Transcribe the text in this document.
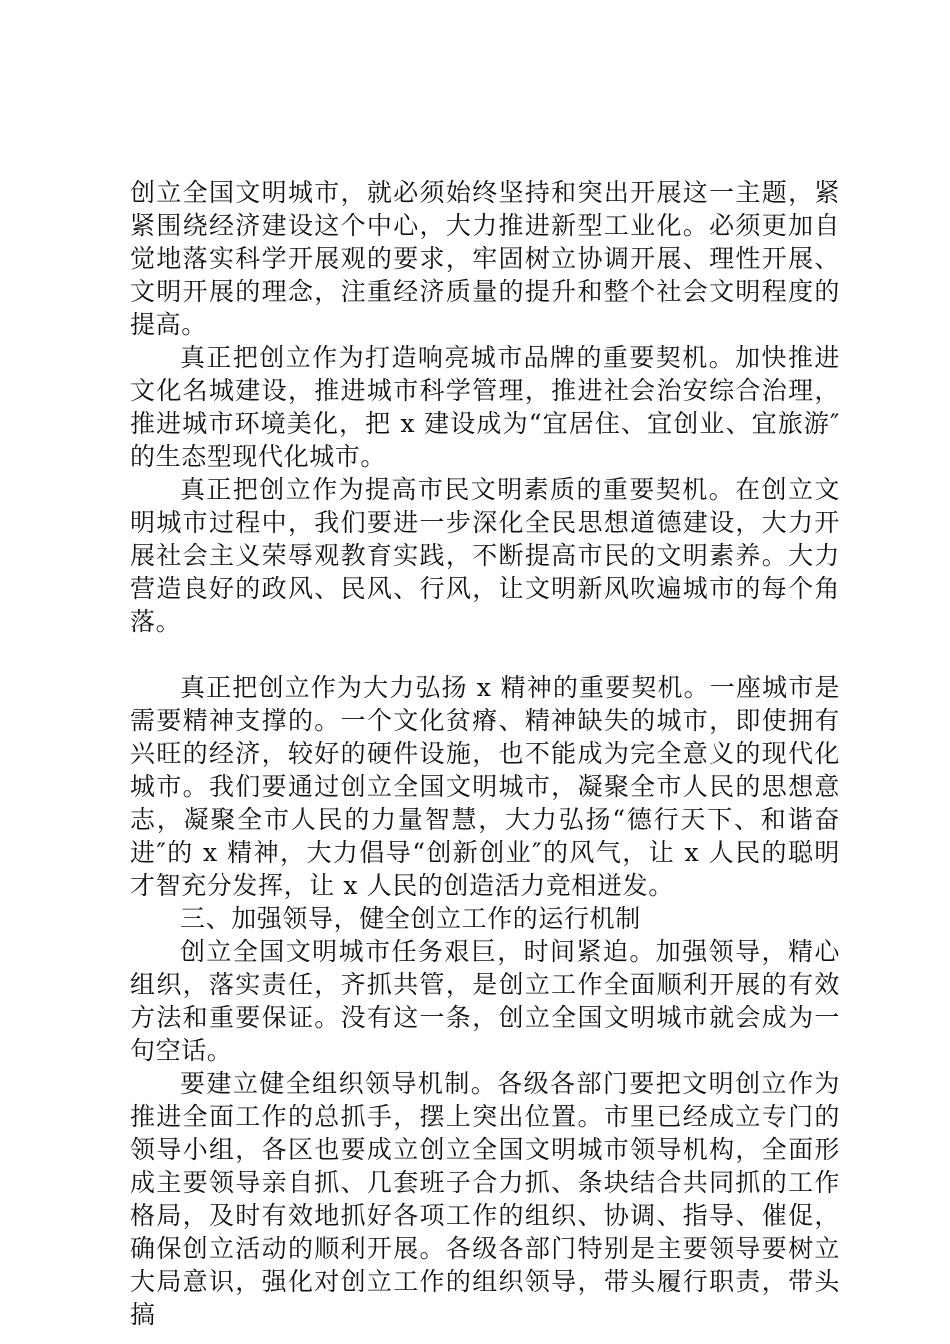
创立全国文明城市，就必须始终坚持和突出开展这一主题，紧紧围绕经济建设这个中心，大力推进新型工业化。必须更加自觉地落实科学开展观的要求，牢固树立协调开展、理性开展、文明开展的理念，注重经济质量的提升和整个社会文明程度的提高。

真正把创立作为打造响亮城市品牌的重要契机。加快推进文化名城建设，推进城市科学管理，推进社会治安综合治理，推进城市环境美化，把 x 建设成为“宜居住、宜创业、宜旅游″的生态型现代化城市。

真正把创立作为提高市民文明素质的重要契机。在创立文明城市过程中，我们要进一步深化全民思想道德建设，大力开展社会主义荣辱观教育实践，不断提高市民的文明素养。大力营造良好的政风、民风、行风，让文明新风吹遍城市的每个角落。

真正把创立作为大力弘扬 x 精神的重要契机。一座城市是需要精神支撑的。一个文化贫瘠、精神缺失的城市，即使拥有兴旺的经济，较好的硬件设施，也不能成为完全意义的现代化城市。我们要通过创立全国文明城市，凝聚全市人民的思想意志，凝聚全市人民的力量智慧，大力弘扬“德行天下、和谐奋进″的 x 精神，大力倡导“创新创业″的风气，让 x 人民的聪明才智充分发挥，让 x 人民的创造活力竞相迸发。

三、加强领导，健全创立工作的运行机制

创立全国文明城市任务艰巨，时间紧迫。加强领导，精心组织，落实责任，齐抓共管，是创立工作全面顺利开展的有效方法和重要保证。没有这一条，创立全国文明城市就会成为一句空话。

要建立健全组织领导机制。各级各部门要把文明创立作为推进全面工作的总抓手，摆上突出位置。市里已经成立专门的领导小组，各区也要成立创立全国文明城市领导机构，全面形成主要领导亲自抓、几套班子合力抓、条块结合共同抓的工作格局，及时有效地抓好各项工作的组织、协调、指导、催促，确保创立活动的顺利开展。各级各部门特别是主要领导要树立大局意识，强化对创立工作的组织领导，带头履行职责，带头搞
